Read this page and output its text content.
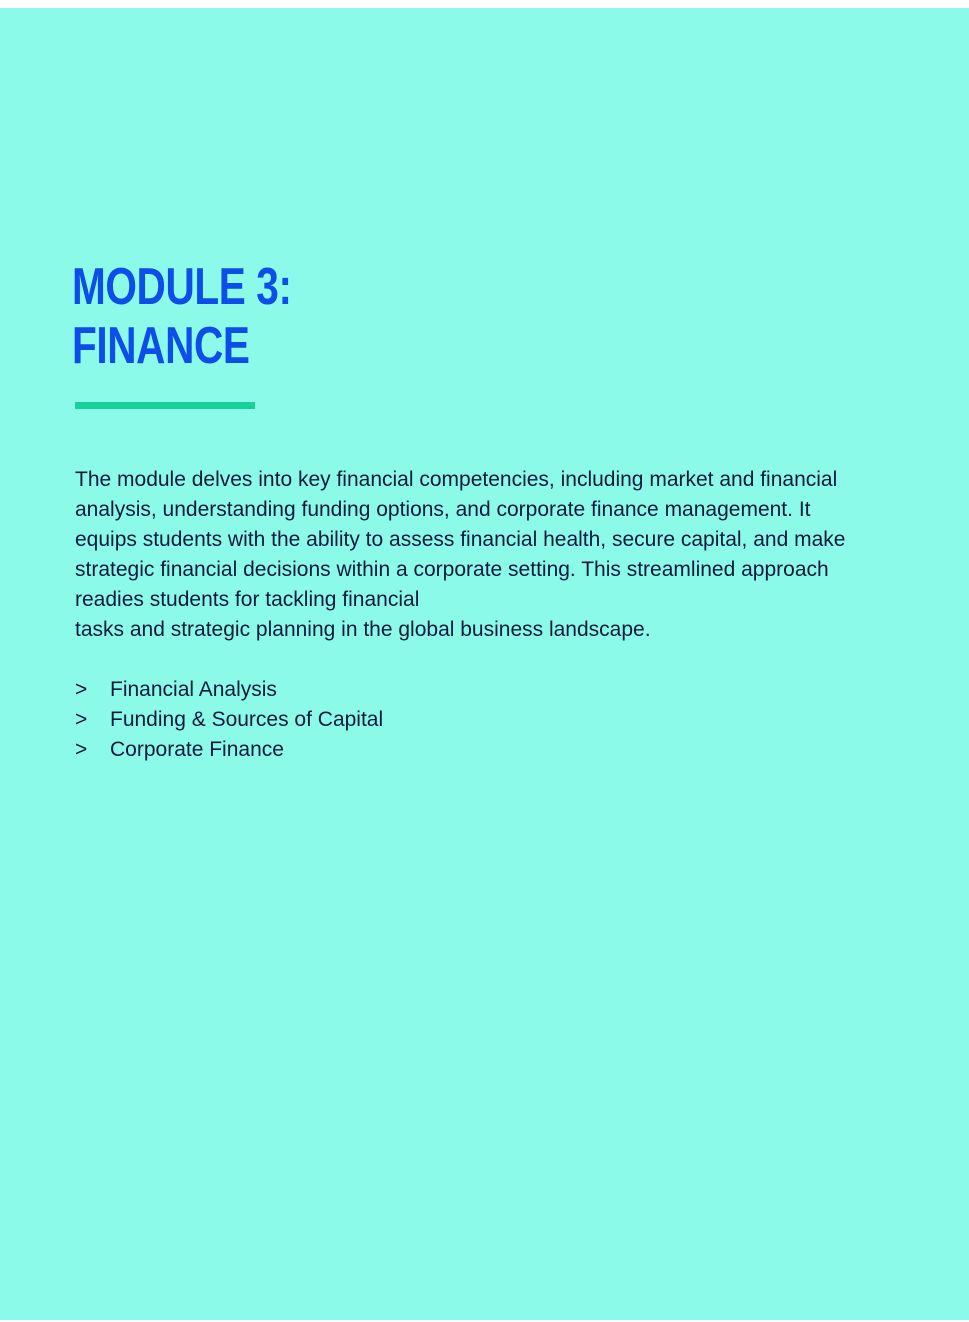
MODULE 3:
FINANCE

The module delves into key financial competencies, including market and financial
analysis, understanding funding options, and corporate finance management. It
equips students with the ability to assess financial health, secure capital, and make
strategic financial decisions within a corporate setting. This streamlined approach
readies students for tackling financial
tasks and strategic planning in the global business landscape.

>	Financial Analysis
>	Funding & Sources of Capital
>	Corporate Finance
